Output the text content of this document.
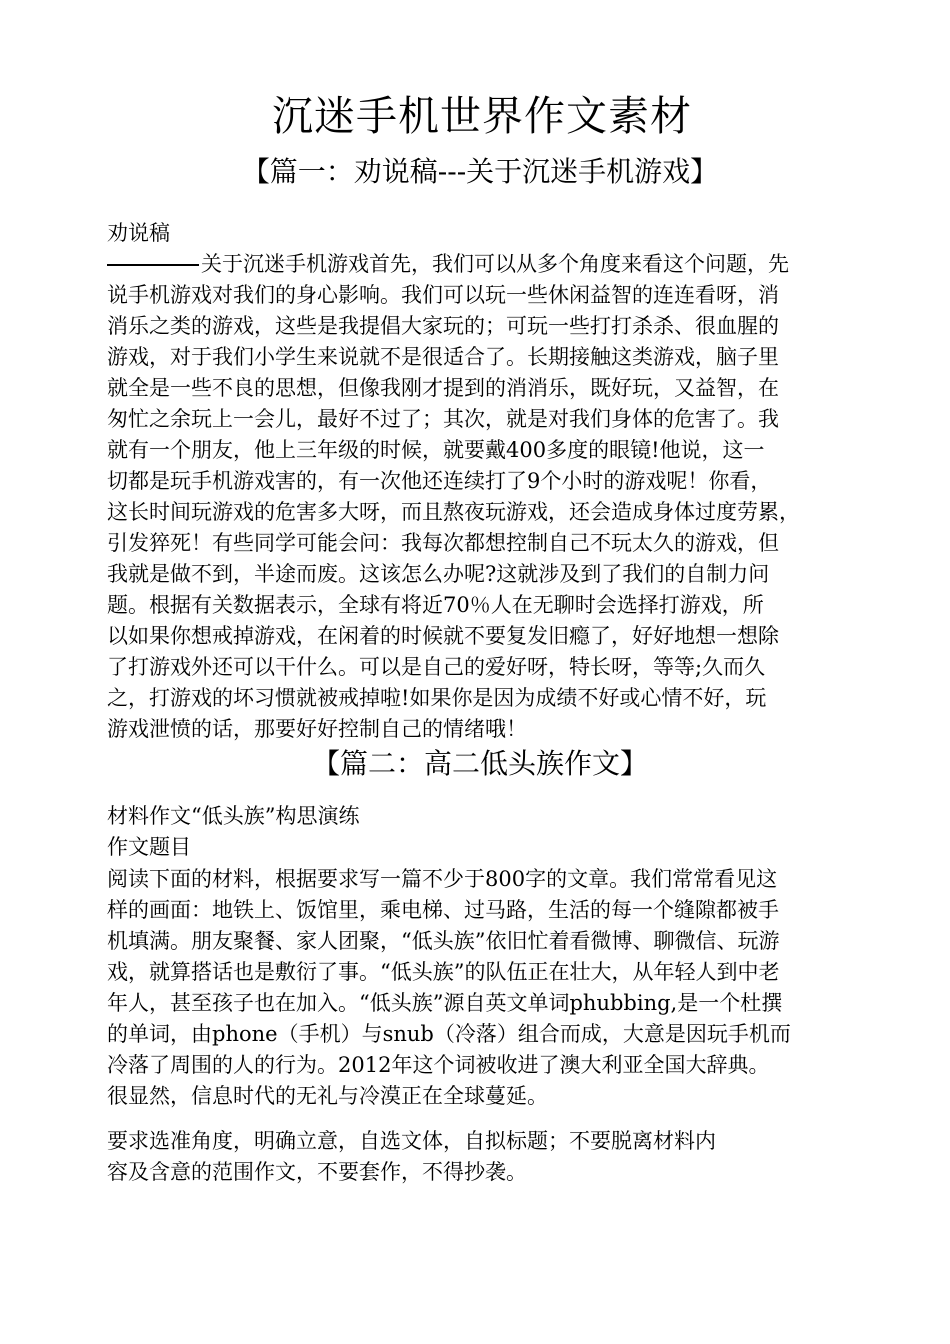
沉迷手机世界作文素材
【篇一：劝说稿---关于沉迷手机游戏】
劝说稿
关于沉迷手机游戏首先，我们可以从多个角度来看这个问题，先
说手机游戏对我们的身心影响。我们可以玩一些休闲益智的连连看呀，消
消乐之类的游戏，这些是我提倡大家玩的；可玩一些打打杀杀、很血腥的
游戏，对于我们小学生来说就不是很适合了。长期接触这类游戏，脑子里
就全是一些不良的思想，但像我刚才提到的消消乐，既好玩，又益智，在
匆忙之余玩上一会儿，最好不过了；其次，就是对我们身体的危害了。我
就有一个朋友，他上三年级的时候，就要戴400多度的眼镜!他说，这一
切都是玩手机游戏害的，有一次他还连续打了9个小时的游戏呢！你看，
这长时间玩游戏的危害多大呀，而且熬夜玩游戏，还会造成身体过度劳累，
引发猝死！有些同学可能会问：我每次都想控制自己不玩太久的游戏，但
我就是做不到，半途而废。这该怎么办呢?这就涉及到了我们的自制力问
题。根据有关数据表示，全球有将近70％人在无聊时会选择打游戏，所
以如果你想戒掉游戏，在闲着的时候就不要复发旧瘾了，好好地想一想除
了打游戏外还可以干什么。可以是自己的爱好呀，特长呀，等等;久而久
之，打游戏的坏习惯就被戒掉啦!如果你是因为成绩不好或心情不好，玩
游戏泄愤的话，那要好好控制自己的情绪哦！
【篇二：高二低头族作文】
材料作文“低头族”构思演练
作文题目
阅读下面的材料，根据要求写一篇不少于800字的文章。我们常常看见这
样的画面：地铁上、饭馆里，乘电梯、过马路，生活的每一个缝隙都被手
机填满。朋友聚餐、家人团聚，“低头族”依旧忙着看微博、聊微信、玩游
戏，就算搭话也是敷衍了事。“低头族”的队伍正在壮大，从年轻人到中老
年人，甚至孩子也在加入。“低头族”源自英文单词phubbing,是一个杜撰
的单词，由phone（手机）与snub（冷落）组合而成，大意是因玩手机而
冷落了周围的人的行为。2012年这个词被收进了澳大利亚全国大辞典。
很显然，信息时代的无礼与冷漠正在全球蔓延。
要求选准角度，明确立意，自选文体，自拟标题；不要脱离材料内
容及含意的范围作文，不要套作，不得抄袭。
